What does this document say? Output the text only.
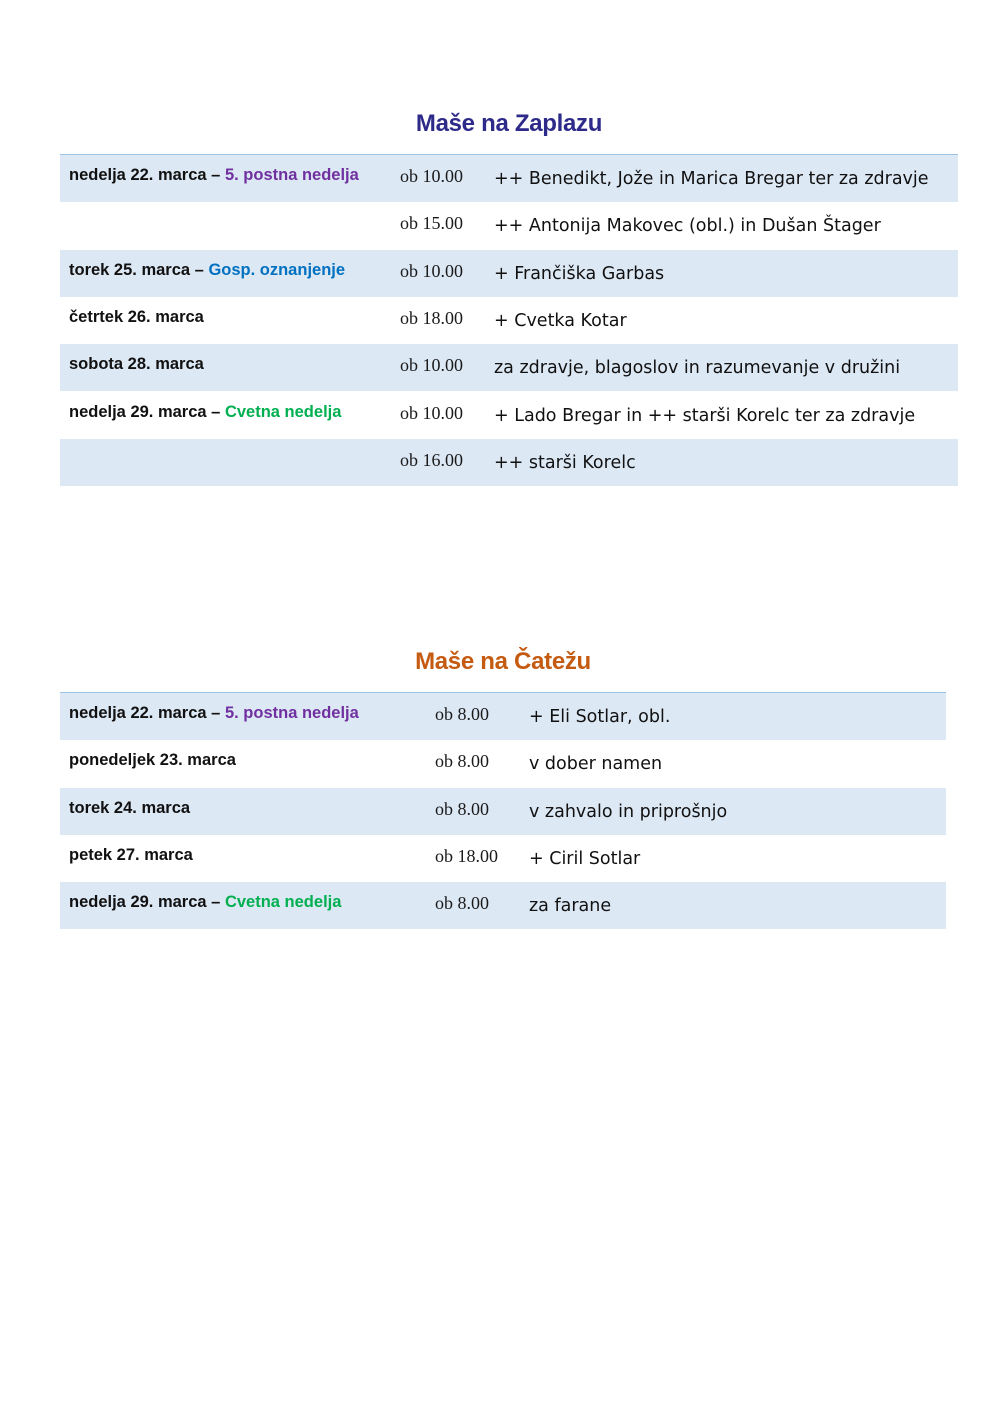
Maše na Zaplazu
nedelja 22. marca – 5. postna nedelja ob 10.00 ++ Benedikt, Jože in Marica Bregar ter za zdravje
ob 15.00 ++ Antonija Makovec (obl.) in Dušan Štager
torek 25. marca – Gosp. oznanjenje	ob 10.00 + Frančiška Garbas
četrtek 26. marca	ob 18.00 + Cvetka Kotar
sobota 28. marca	ob 10.00 za zdravje, blagoslov in razumevanje v družini
nedelja 29. marca – Cvetna nedelja	ob 10.00 + Lado Bregar in ++ starši Korelc ter za zdravje
ob 16.00 ++ starši Korelc
Maše na Čatežu
nedelja 22. marca – 5. postna nedelja	ob 8.00 + Eli Sotlar, obl.
ponedeljek 23. marca	ob 8.00 v dober namen
torek 24. marca	ob 8.00 v zahvalo in priprošnjo
petek 27. marca	ob 18.00 + Ciril Sotlar
nedelja 29. marca – Cvetna nedelja	ob 8.00 za farane
